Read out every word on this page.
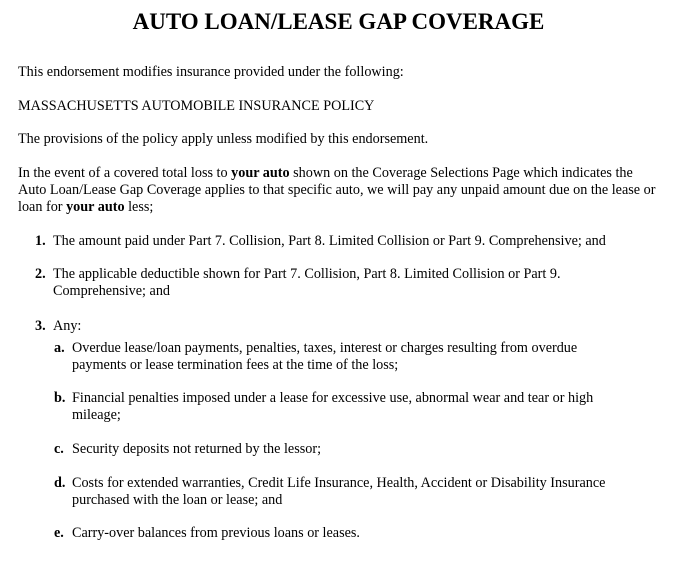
AUTO LOAN/LEASE GAP COVERAGE

This endorsement modifies insurance provided under the following:

MASSACHUSETTS AUTOMOBILE INSURANCE POLICY

The provisions of the policy apply unless modified by this endorsement.

In the event of a covered total loss to your auto shown on the Coverage Selections Page which indicates the Auto Loan/Lease Gap Coverage applies to that specific auto, we will pay any unpaid amount due on the lease or loan for your auto less;

1. The amount paid under Part 7. Collision, Part 8. Limited Collision or Part 9. Comprehensive; and
2. The applicable deductible shown for Part 7. Collision, Part 8. Limited Collision or Part 9. Comprehensive; and
3. Any:
a. Overdue lease/loan payments, penalties, taxes, interest or charges resulting from overdue payments or lease termination fees at the time of the loss;
b. Financial penalties imposed under a lease for excessive use, abnormal wear and tear or high mileage;
c. Security deposits not returned by the lessor;
d. Costs for extended warranties, Credit Life Insurance, Health, Accident or Disability Insurance purchased with the loan or lease; and
e. Carry-over balances from previous loans or leases.
